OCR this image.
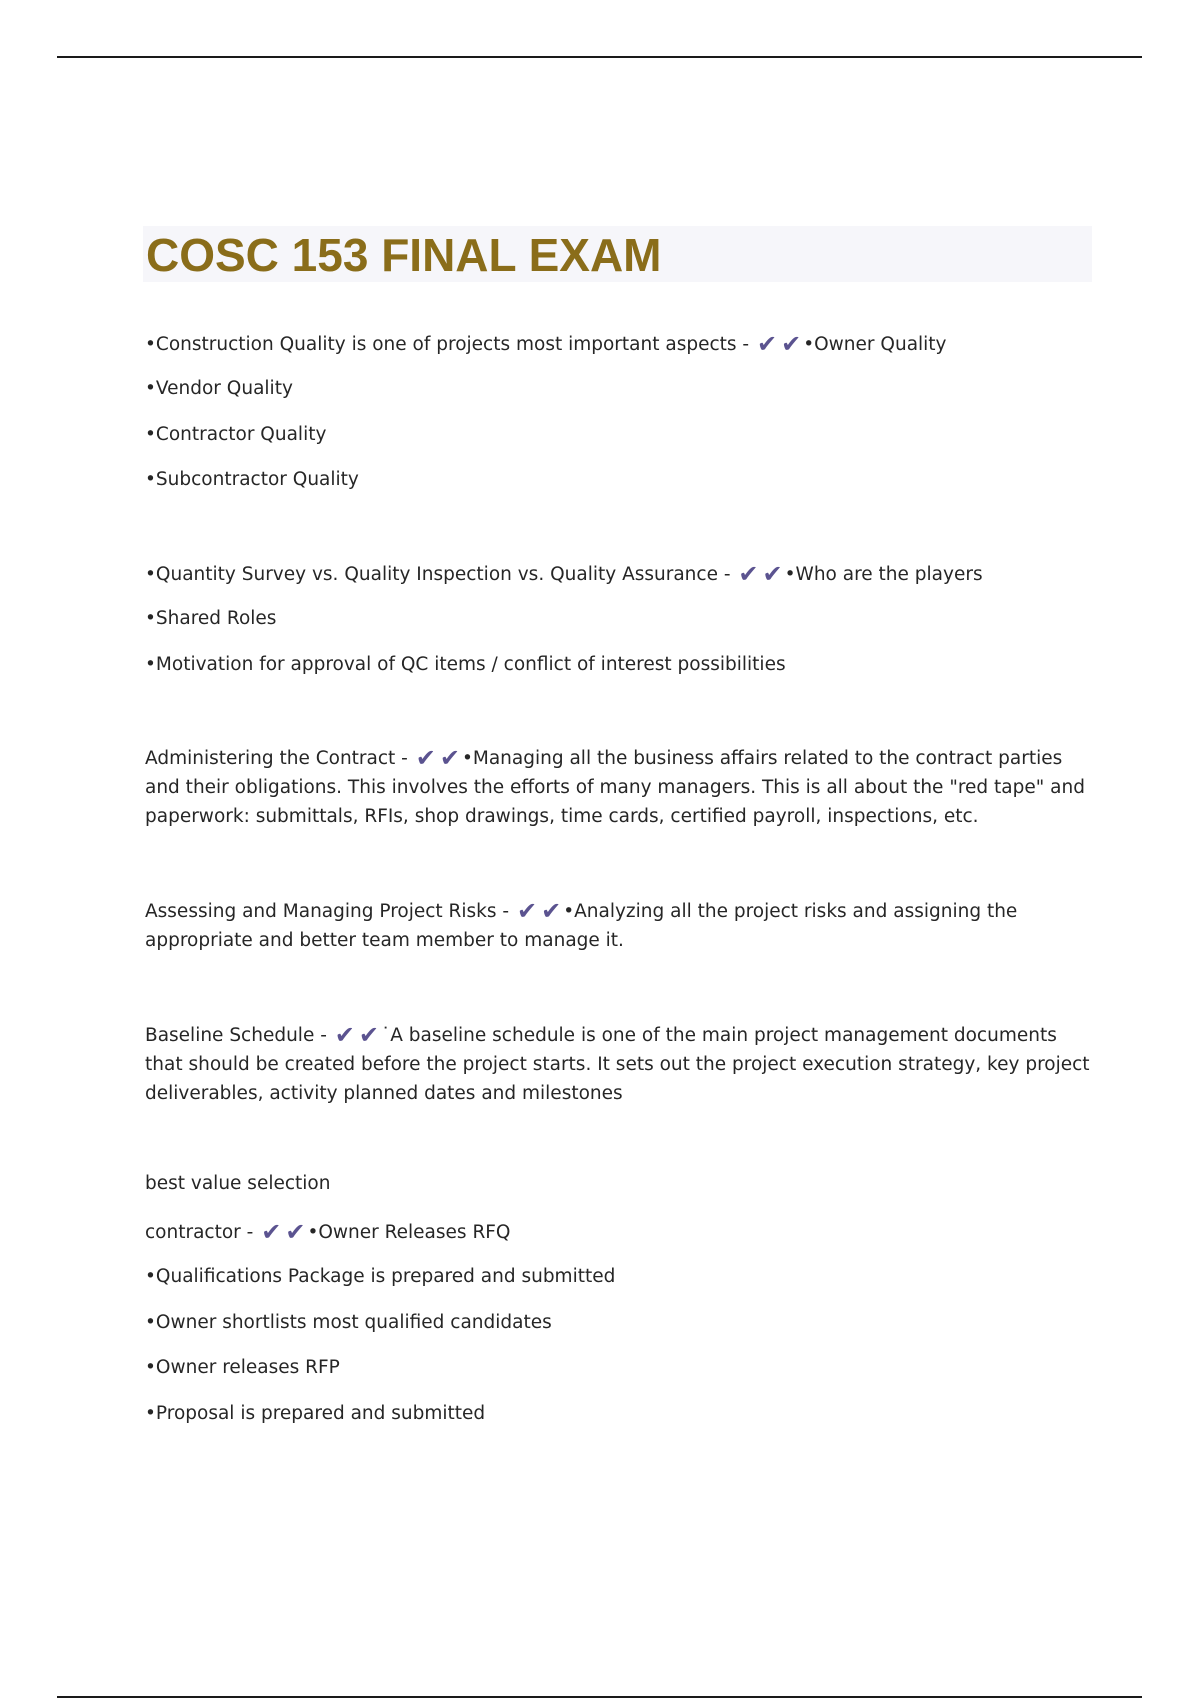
COSC 153 FINAL EXAM
•Construction Quality is one of projects most important aspects - ✔ ✔ •Owner Quality
•Vendor Quality
•Contractor Quality
•Subcontractor Quality
•Quantity Survey vs. Quality Inspection vs. Quality Assurance - ✔ ✔ •Who are the players
•Shared Roles
•Motivation for approval of QC items / conflict of interest possibilities
Administering the Contract - ✔ ✔ •Managing all the business affairs related to the contract parties and their obligations. This involves the efforts of many managers. This is all about the "red tape" and paperwork: submittals, RFIs, shop drawings, time cards, certified payroll, inspections, etc.
Assessing and Managing Project Risks - ✔ ✔ •Analyzing all the project risks and assigning the appropriate and better team member to manage it.
Baseline Schedule - ✔ ✔ ˙A baseline schedule is one of the main project management documents that should be created before the project starts. It sets out the project execution strategy, key project deliverables, activity planned dates and milestones
best value selection
contractor - ✔ ✔ •Owner Releases RFQ
•Qualifications Package is prepared and submitted
•Owner shortlists most qualified candidates
•Owner releases RFP
•Proposal is prepared and submitted
